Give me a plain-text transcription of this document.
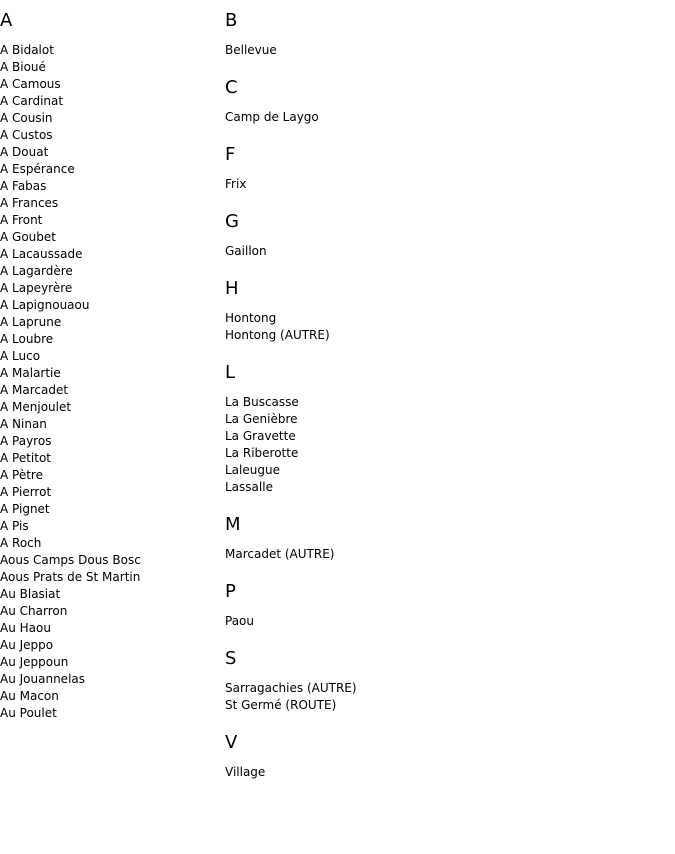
A
A Bidalot
A Bioué
A Camous
A Cardinat
A Cousin
A Custos
A Douat
A Espérance
A Fabas
A Frances
A Front
A Goubet
A Lacaussade
A Lagardère
A Lapeyrère
A Lapignouaou
A Laprune
A Loubre
A Luco
A Malartie
A Marcadet
A Menjoulet
A Ninan
A Payros
A Petitot
A Pètre
A Pierrot
A Pignet
A Pis
A Roch
Aous Camps Dous Bosc
Aous Prats de St Martin
Au Blasiat
Au Charron
Au Haou
Au Jeppo
Au Jeppoun
Au Jouannelas
Au Macon
Au Poulet
B
Bellevue
C
Camp de Laygo
F
Frix
G
Gaillon
H
Hontong
Hontong (AUTRE)
L
La Buscasse
La Genièbre
La Gravette
La Riberotte
Laleugue
Lassalle
M
Marcadet (AUTRE)
P
Paou
S
Sarragachies (AUTRE)
St Germé (ROUTE)
V
Village
